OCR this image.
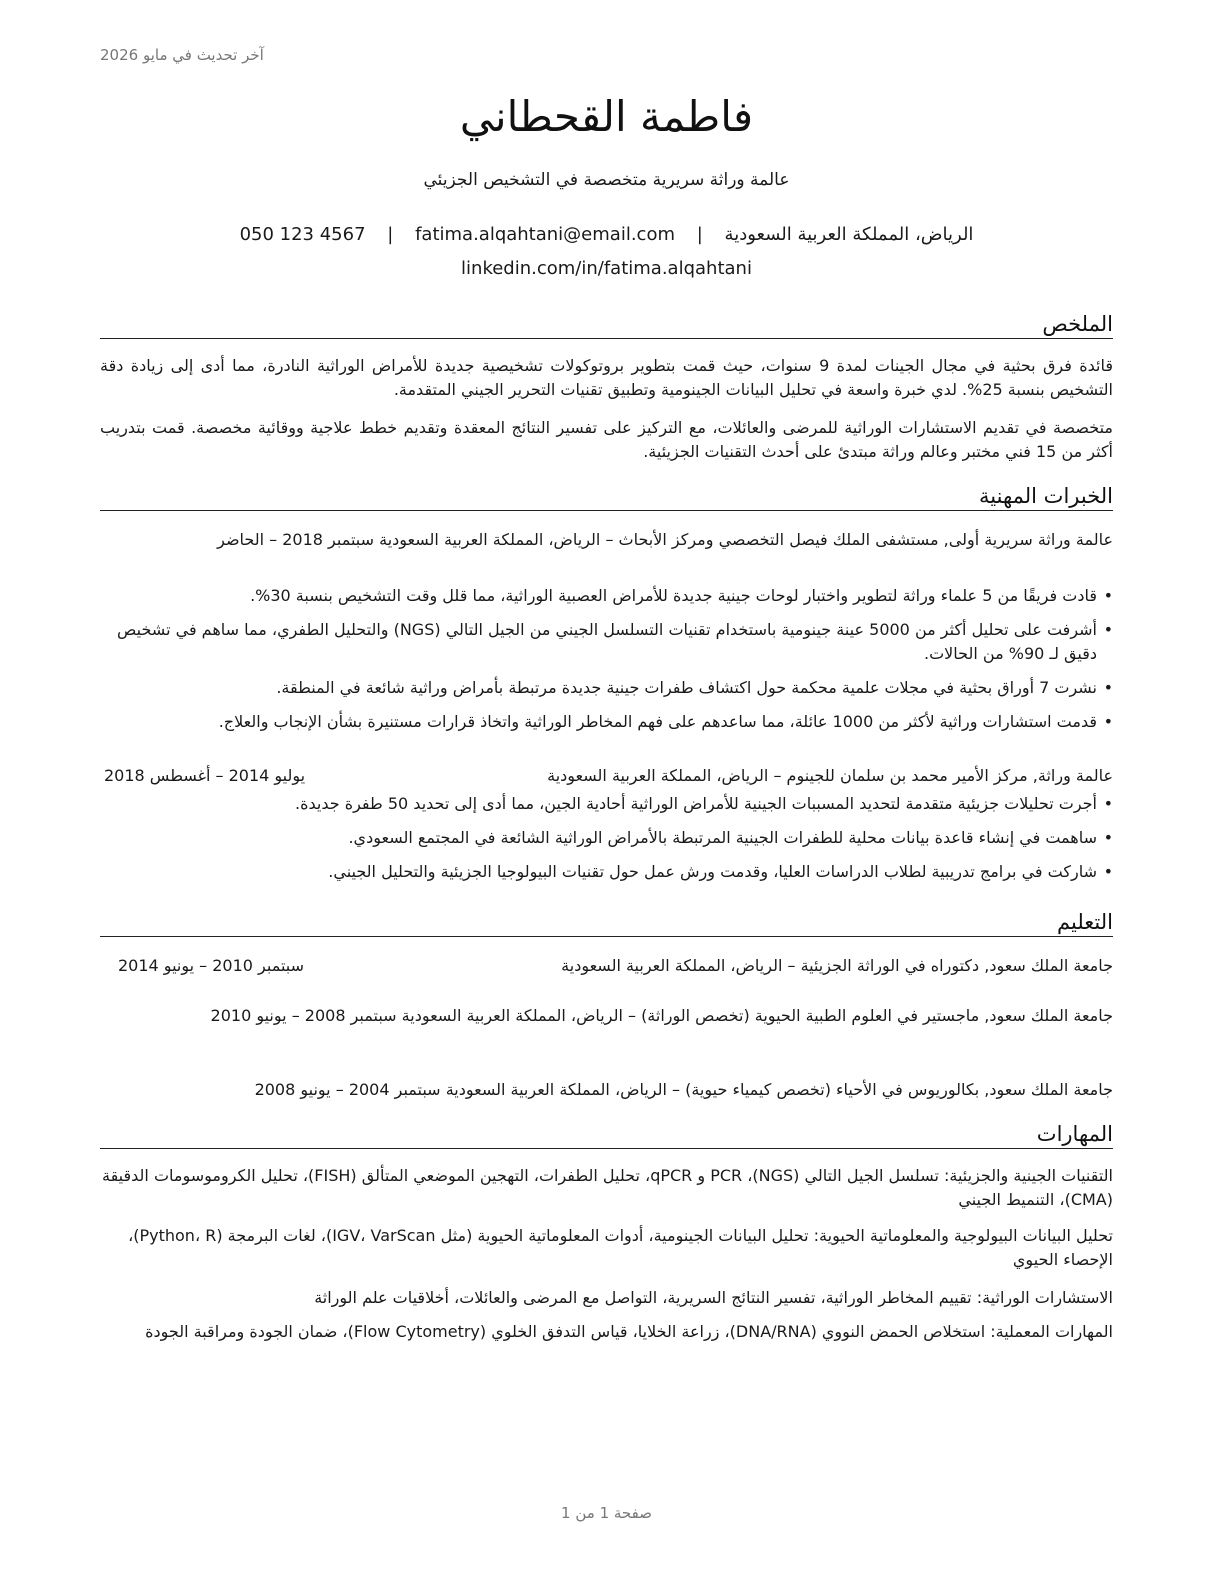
آخر تحديث في مايو 2026
فاطمة القحطاني
عالمة وراثة سريرية متخصصة في التشخيص الجزيئي
الرياض، المملكة العربية السعودية | fatima.alqahtani@email.com | 050 123 4567
linkedin.com/in/fatima.alqahtani
الملخص

قائدة فرق بحثية في مجال الجينات لمدة 9 سنوات، حيث قمت بتطوير بروتوكولات تشخيصية جديدة للأمراض الوراثية النادرة، مما أدى إلى زيادة دقة التشخيص بنسبة 25%. لدي خبرة واسعة في تحليل البيانات الجينومية وتطبيق تقنيات التحرير الجيني المتقدمة.

متخصصة في تقديم الاستشارات الوراثية للمرضى والعائلات، مع التركيز على تفسير النتائج المعقدة وتقديم خطط علاجية ووقائية مخصصة. قمت بتدريب أكثر من 15 فني مختبر وعالم وراثة مبتدئ على أحدث التقنيات الجزيئية.

الخبرات المهنية
عالمة وراثة سريرية أولى, مستشفى الملك فيصل التخصصي ومركز الأبحاث – الرياض، المملكة العربية السعودية سبتمبر 2018 – الحاضر
• قادت فريقًا من 5 علماء وراثة لتطوير واختبار لوحات جينية جديدة للأمراض العصبية الوراثية، مما قلل وقت التشخيص بنسبة 30%.
• أشرفت على تحليل أكثر من 5000 عينة جينومية باستخدام تقنيات التسلسل الجيني من الجيل التالي (NGS) والتحليل الطفري، مما ساهم في تشخيص دقيق لـ 90% من الحالات.
• نشرت 7 أوراق بحثية في مجلات علمية محكمة حول اكتشاف طفرات جينية جديدة مرتبطة بأمراض وراثية شائعة في المنطقة.
• قدمت استشارات وراثية لأكثر من 1000 عائلة، مما ساعدهم على فهم المخاطر الوراثية واتخاذ قرارات مستنيرة بشأن الإنجاب والعلاج.
عالمة وراثة, مركز الأمير محمد بن سلمان للجينوم – الرياض، المملكة العربية السعودية
يوليو 2014 – أغسطس 2018
• أجرت تحليلات جزيئية متقدمة لتحديد المسببات الجينية للأمراض الوراثية أحادية الجين، مما أدى إلى تحديد 50 طفرة جديدة.
• ساهمت في إنشاء قاعدة بيانات محلية للطفرات الجينية المرتبطة بالأمراض الوراثية الشائعة في المجتمع السعودي.
• شاركت في برامج تدريبية لطلاب الدراسات العليا، وقدمت ورش عمل حول تقنيات البيولوجيا الجزيئية والتحليل الجيني.
التعليم
جامعة الملك سعود, دكتوراه في الوراثة الجزيئية – الرياض، المملكة العربية السعودية
سبتمبر 2010 – يونيو 2014
جامعة الملك سعود, ماجستير في العلوم الطبية الحيوية (تخصص الوراثة) – الرياض، المملكة العربية السعودية سبتمبر 2008 – يونيو 2010
جامعة الملك سعود, بكالوريوس في الأحياء (تخصص كيمياء حيوية) – الرياض، المملكة العربية السعودية سبتمبر 2004 – يونيو 2008
المهارات

التقنيات الجينية والجزيئية: تسلسل الجيل التالي (NGS)، PCR و qPCR، تحليل الطفرات، التهجين الموضعي المتألق (FISH)، تحليل الكروموسومات الدقيقة (CMA)، التنميط الجيني

تحليل البيانات البيولوجية والمعلوماتية الحيوية: تحليل البيانات الجينومية، أدوات المعلوماتية الحيوية (مثل IGV، VarScan)، لغات البرمجة (Python، R)، الإحصاء الحيوي

الاستشارات الوراثية: تقييم المخاطر الوراثية، تفسير النتائج السريرية، التواصل مع المرضى والعائلات، أخلاقيات علم الوراثة

المهارات المعملية: استخلاص الحمض النووي (DNA/RNA)، زراعة الخلايا، قياس التدفق الخلوي (Flow Cytometry)، ضمان الجودة ومراقبة الجودة

صفحة 1 من 1
